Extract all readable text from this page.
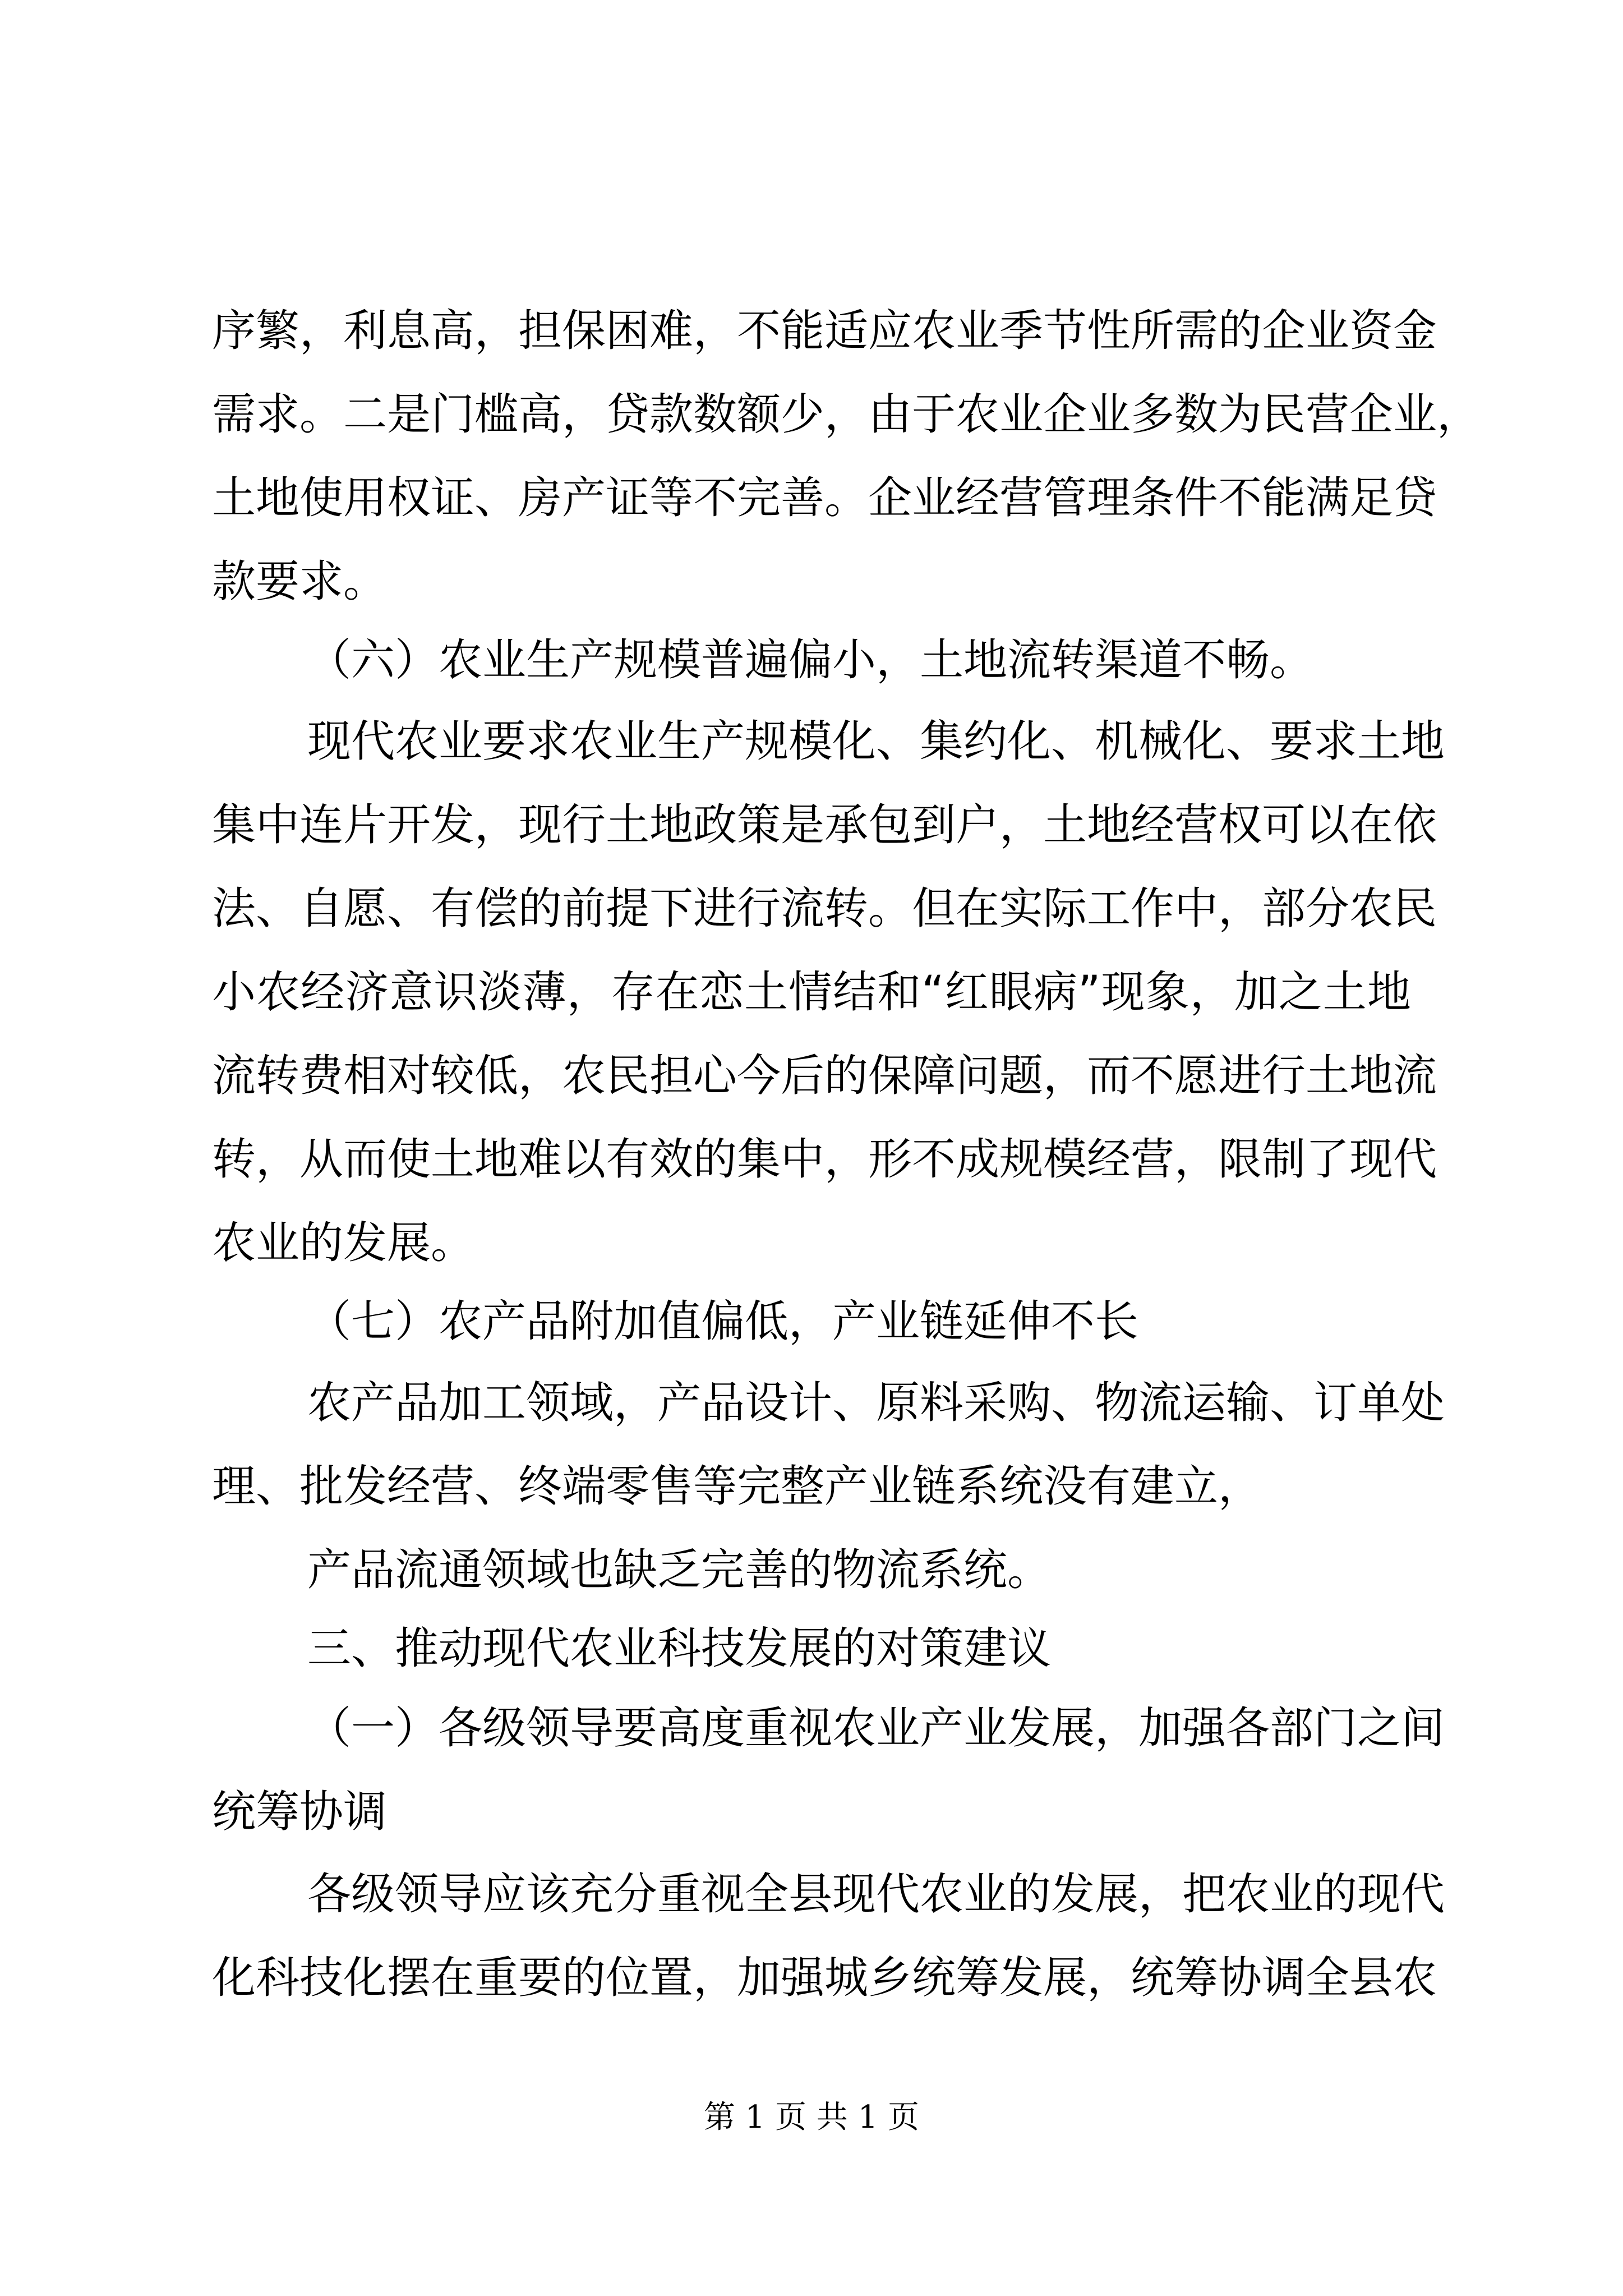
序繁，利息高，担保困难，不能适应农业季节性所需的企业资金
需求。二是门槛高，贷款数额少，由于农业企业多数为民营企业，
土地使用权证、房产证等不完善。企业经营管理条件不能满足贷
款要求。
（六）农业生产规模普遍偏小，土地流转渠道不畅。
现代农业要求农业生产规模化、集约化、机械化、要求土地
集中连片开发，现行土地政策是承包到户，土地经营权可以在依
法、自愿、有偿的前提下进行流转。但在实际工作中，部分农民
小农经济意识淡薄，存在恋土情结和“红眼病”现象，加之土地
流转费相对较低，农民担心今后的保障问题，而不愿进行土地流
转，从而使土地难以有效的集中，形不成规模经营，限制了现代
农业的发展。
（七）农产品附加值偏低，产业链延伸不长
农产品加工领域，产品设计、原料采购、物流运输、订单处
理、批发经营、终端零售等完整产业链系统没有建立，
产品流通领域也缺乏完善的物流系统。
三、推动现代农业科技发展的对策建议
（一）各级领导要高度重视农业产业发展，加强各部门之间
统筹协调
各级领导应该充分重视全县现代农业的发展，把农业的现代
化科技化摆在重要的位置，加强城乡统筹发展，统筹协调全县农
第 1 页 共 1 页
